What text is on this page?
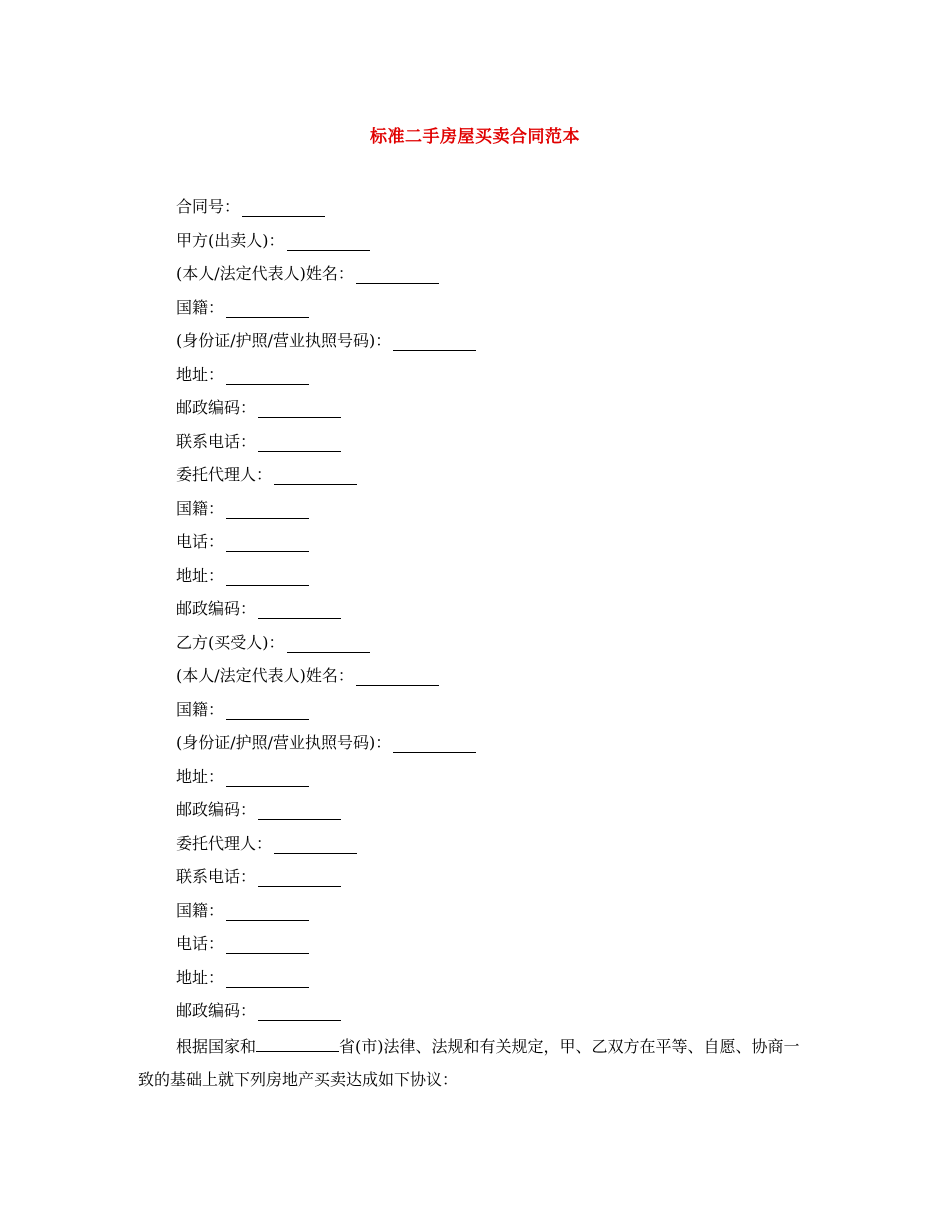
标准二手房屋买卖合同范本
合同号：
甲方(出卖人)：
(本人/法定代表人)姓名：
国籍：
(身份证/护照/营业执照号码)：
地址：
邮政编码：
联系电话：
委托代理人：
国籍：
电话：
地址：
邮政编码：
乙方(买受人)：
(本人/法定代表人)姓名：
国籍：
(身份证/护照/营业执照号码)：
地址：
邮政编码：
委托代理人：
联系电话：
国籍：
电话：
地址：
邮政编码：
根据国家和	省(市)法律、法规和有关规定，甲、乙双方在平等、自愿、协商一致的基础上就下列房地产买卖达成如下协议：
